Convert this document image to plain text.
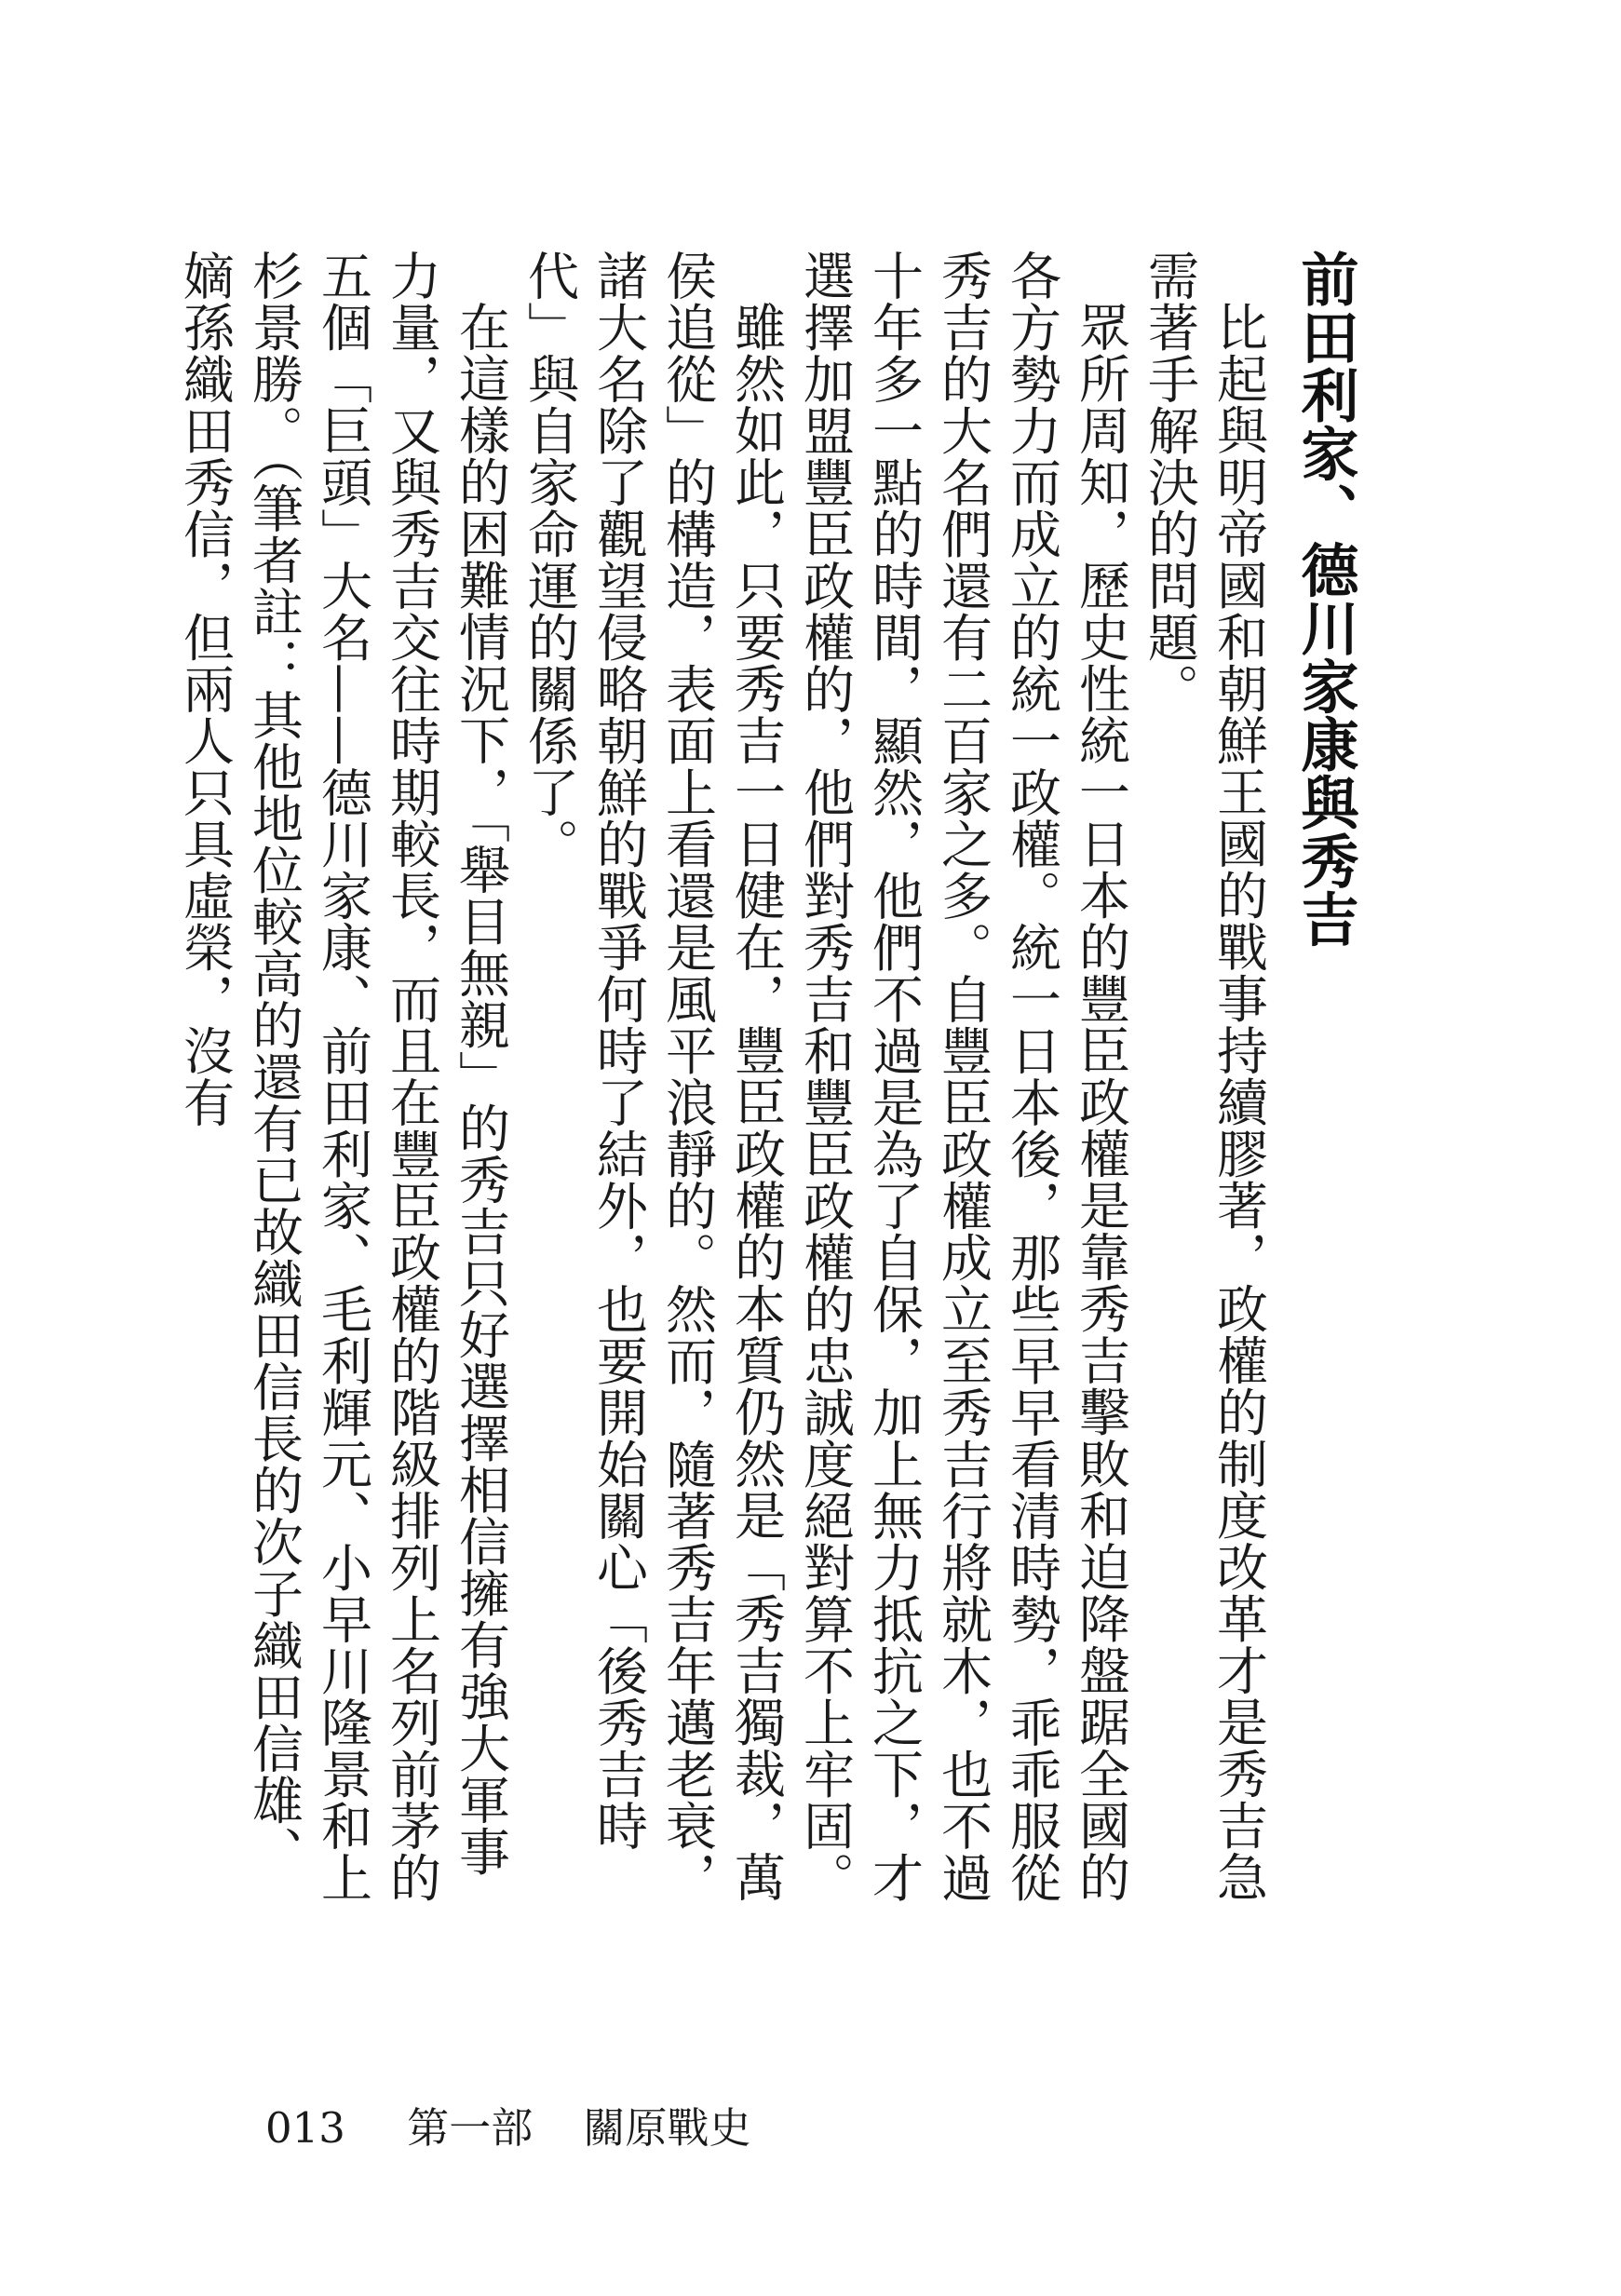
前田利家、德川家康與秀吉

比起與明帝國和朝鮮王國的戰事持續膠著，政權的制度改革才是秀吉急需著手解決的問題。

眾所周知，歷史性統一日本的豐臣政權是靠秀吉擊敗和迫降盤踞全國的各方勢力而成立的統一政權。統一日本後，那些早早看清時勢，乖乖服從秀吉的大名們還有二百家之多。自豐臣政權成立至秀吉行將就木，也不過十年多一點的時間，顯然，他們不過是為了自保，加上無力抵抗之下，才選擇加盟豐臣政權的，他們對秀吉和豐臣政權的忠誠度絕對算不上牢固。

雖然如此，只要秀吉一日健在，豐臣政權的本質仍然是「秀吉獨裁，萬侯追從」的構造，表面上看還是風平浪靜的。然而，隨著秀吉年邁老衰，諸大名除了觀望侵略朝鮮的戰爭何時了結外，也要開始關心「後秀吉時代」與自家命運的關係了。

在這樣的困難情況下，「舉目無親」的秀吉只好選擇相信擁有強大軍事力量，又與秀吉交往時期較長，而且在豐臣政權的階級排列上名列前茅的五個「巨頭」大名——德川家康、前田利家、毛利輝元、小早川隆景和上杉景勝。（筆者註：其他地位較高的還有已故織田信長的次子織田信雄、嫡孫織田秀信，但兩人只具虛榮，沒有

013 第一部 關原戰史
